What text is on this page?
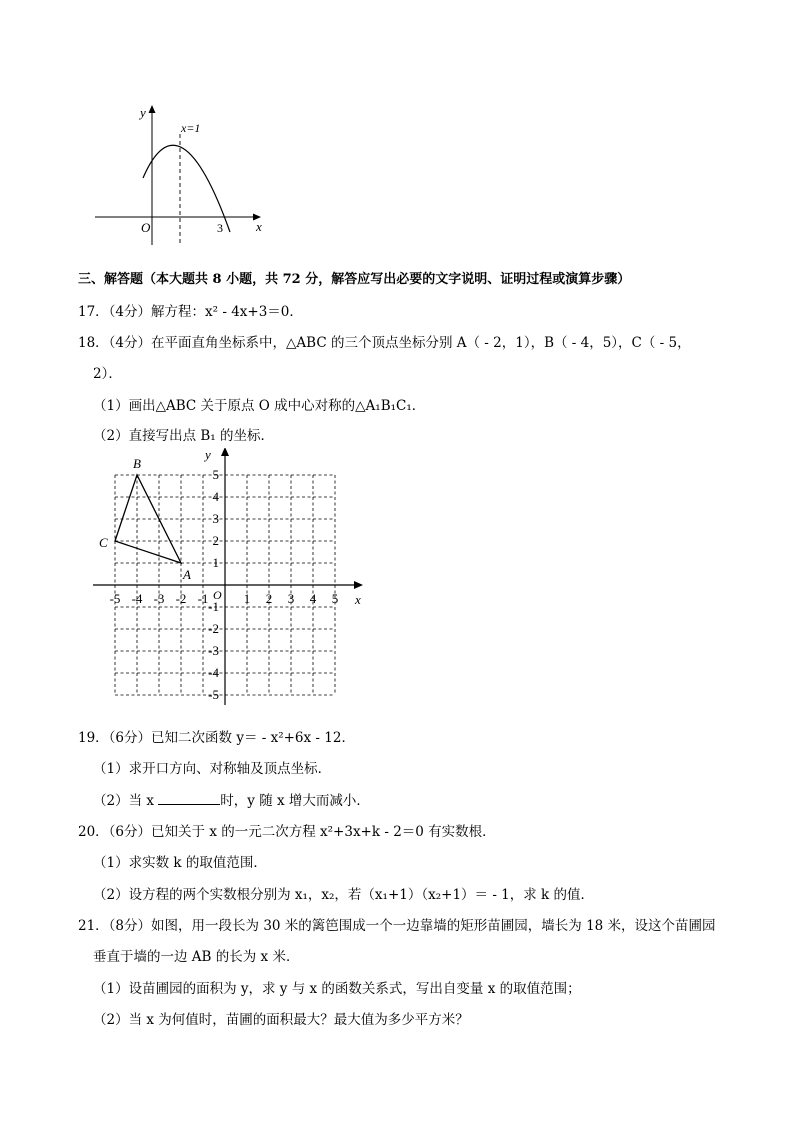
y
x
O
x=1
3
三、解答题（本大题共 8 小题，共 72 分，解答应写出必要的文字说明、证明过程或演算步骤）
17．（4分）解方程：x² - 4x+3＝0．
18．（4分）在平面直角坐标系中，△ABC 的三个顶点坐标分别 A（ - 2，1），B（ - 4，5），C（ - 5，
2）．
（1）画出△ABC 关于原点 O 成中心对称的△A₁B₁C₁．
（2）直接写出点 B₁ 的坐标．
-5 -4 -3 -2 -1	1 2 3 4 5
5
4
3
2
1
-1
-2
-3
-4
-5
A
B
C
x
y
O
19．（6分）已知二次函数 y＝ - x²+6x - 12．
（1）求开口方向、对称轴及顶点坐标．
（2）当 x	时，y 随 x 增大而减小．
20．（6分）已知关于 x 的一元二次方程 x²+3x+k - 2＝0 有实数根．
（1）求实数 k 的取值范围．
（2）设方程的两个实数根分别为 x₁，x₂，若（x₁+1）（x₂+1）＝ - 1，求 k 的值．
21．（8分）如图，用一段长为 30 米的篱笆围成一个一边靠墙的矩形苗圃园，墙长为 18 米，设这个苗圃园
垂直于墙的一边 AB 的长为 x 米．
（1）设苗圃园的面积为 y，求 y 与 x 的函数关系式，写出自变量 x 的取值范围；
（2）当 x 为何值时，苗圃的面积最大？最大值为多少平方米？
